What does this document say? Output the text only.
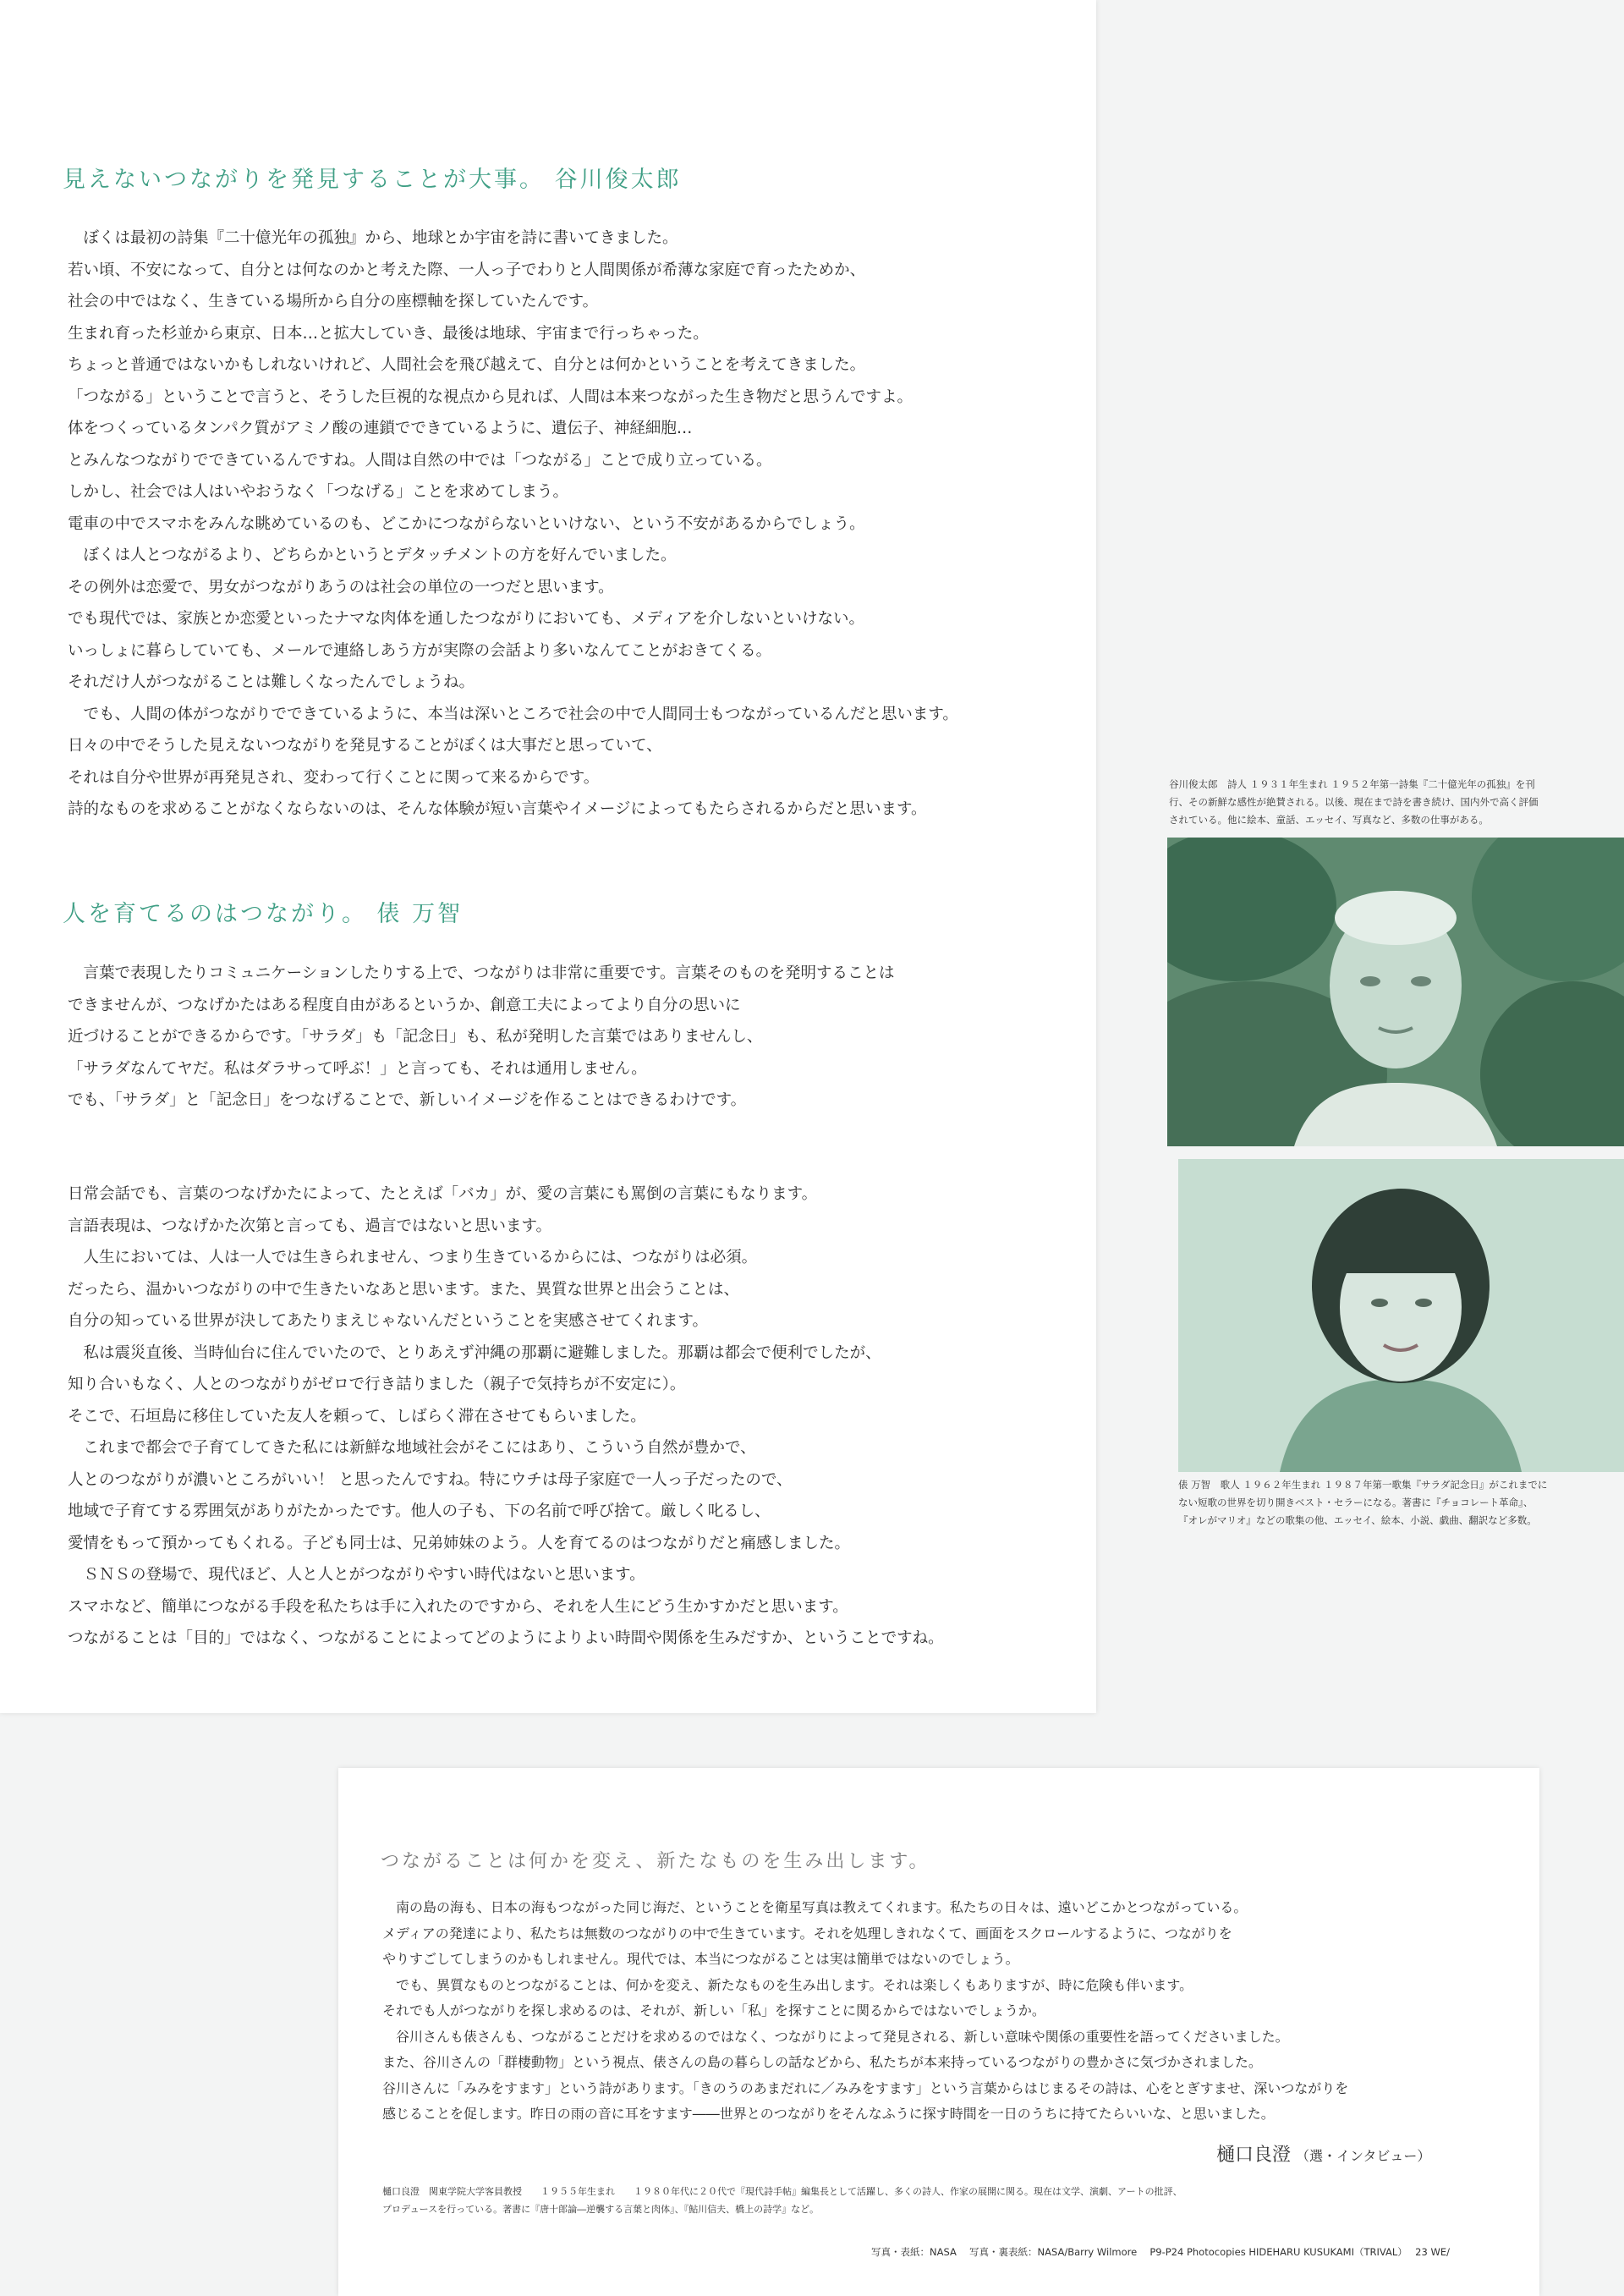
見えないつながりを発見することが大事。 谷川俊太郎
　ぼくは最初の詩集『二十億光年の孤独』から、地球とか宇宙を詩に書いてきました。
若い頃、不安になって、自分とは何なのかと考えた際、一人っ子でわりと人間関係が希薄な家庭で育ったためか、
社会の中ではなく、生きている場所から自分の座標軸を探していたんです。
生まれ育った杉並から東京、日本…と拡大していき、最後は地球、宇宙まで行っちゃった。
ちょっと普通ではないかもしれないけれど、人間社会を飛び越えて、自分とは何かということを考えてきました。
「つながる」ということで言うと、そうした巨視的な視点から見れば、人間は本来つながった生き物だと思うんですよ。
体をつくっているタンパク質がアミノ酸の連鎖でできているように、遺伝子、神経細胞…
とみんなつながりでできているんですね。人間は自然の中では「つながる」ことで成り立っている。
しかし、社会では人はいやおうなく「つなげる」ことを求めてしまう。
電車の中でスマホをみんな眺めているのも、どこかにつながらないといけない、という不安があるからでしょう。
　ぼくは人とつながるより、どちらかというとデタッチメントの方を好んでいました。
その例外は恋愛で、男女がつながりあうのは社会の単位の一つだと思います。
でも現代では、家族とか恋愛といったナマな肉体を通したつながりにおいても、メディアを介しないといけない。
いっしょに暮らしていても、メールで連絡しあう方が実際の会話より多いなんてことがおきてくる。
それだけ人がつながることは難しくなったんでしょうね。
　でも、人間の体がつながりでできているように、本当は深いところで社会の中で人間同士もつながっているんだと思います。
日々の中でそうした見えないつながりを発見することがぼくは大事だと思っていて、
それは自分や世界が再発見され、変わって行くことに関って来るからです。
詩的なものを求めることがなくならないのは、そんな体験が短い言葉やイメージによってもたらされるからだと思います。
人を育てるのはつながり。 俵 万智
　言葉で表現したりコミュニケーションしたりする上で、つながりは非常に重要です。言葉そのものを発明することは
できませんが、つなげかたはある程度自由があるというか、創意工夫によってより自分の思いに
近づけることができるからです。「サラダ」も「記念日」も、私が発明した言葉ではありませんし、
「サラダなんてヤだ。私はダラサって呼ぶ！」と言っても、それは通用しません。
でも、「サラダ」と「記念日」をつなげることで、新しいイメージを作ることはできるわけです。
日常会話でも、言葉のつなげかたによって、たとえば「バカ」が、愛の言葉にも罵倒の言葉にもなります。
言語表現は、つなげかた次第と言っても、過言ではないと思います。
　人生においては、人は一人では生きられません、つまり生きているからには、つながりは必須。
だったら、温かいつながりの中で生きたいなあと思います。また、異質な世界と出会うことは、
自分の知っている世界が決してあたりまえじゃないんだということを実感させてくれます。
　私は震災直後、当時仙台に住んでいたので、とりあえず沖縄の那覇に避難しました。那覇は都会で便利でしたが、
知り合いもなく、人とのつながりがゼロで行き詰りました（親子で気持ちが不安定に）。
そこで、石垣島に移住していた友人を頼って、しばらく滞在させてもらいました。
　これまで都会で子育てしてきた私には新鮮な地域社会がそこにはあり、こういう自然が豊かで、
人とのつながりが濃いところがいい！ と思ったんですね。特にウチは母子家庭で一人っ子だったので、
地域で子育てする雰囲気がありがたかったです。他人の子も、下の名前で呼び捨て。厳しく叱るし、
愛情をもって預かってもくれる。子ども同士は、兄弟姉妹のよう。人を育てるのはつながりだと痛感しました。
　ＳＮＳの登場で、現代ほど、人と人とがつながりやすい時代はないと思います。
スマホなど、簡単につながる手段を私たちは手に入れたのですから、それを人生にどう生かすかだと思います。
つながることは「目的」ではなく、つながることによってどのようによりよい時間や関係を生みだすか、ということですね。
谷川俊太郎　詩人 １９３１年生まれ １９５２年第一詩集『二十億光年の孤独』を刊
行、その新鮮な感性が絶賛される。以後、現在まで詩を書き続け、国内外で高く評価
されている。他に絵本、童話、エッセイ、写真など、多数の仕事がある。
俵 万智　歌人 １９６２年生まれ １９８７年第一歌集『サラダ記念日』がこれまでに
ない短歌の世界を切り開きベスト・セラーになる。著書に『チョコレート革命』、
『オレがマリオ』などの歌集の他、エッセイ、絵本、小説、戯曲、翻訳など多数。
つながることは何かを変え、新たなものを生み出します。
　南の島の海も、日本の海もつながった同じ海だ、ということを衛星写真は教えてくれます。私たちの日々は、遠いどこかとつながっている。
メディアの発達により、私たちは無数のつながりの中で生きています。それを処理しきれなくて、画面をスクロールするように、つながりを
やりすごしてしまうのかもしれません。現代では、本当につながることは実は簡単ではないのでしょう。
　でも、異質なものとつながることは、何かを変え、新たなものを生み出します。それは楽しくもありますが、時に危険も伴います。
それでも人がつながりを探し求めるのは、それが、新しい「私」を探すことに関るからではないでしょうか。
　谷川さんも俵さんも、つながることだけを求めるのではなく、つながりによって発見される、新しい意味や関係の重要性を語ってくださいました。
また、谷川さんの「群棲動物」という視点、俵さんの島の暮らしの話などから、私たちが本来持っているつながりの豊かさに気づかされました。
谷川さんに「みみをすます」という詩があります。「きのうのあまだれに／みみをすます」という言葉からはじまるその詩は、心をとぎすませ、深いつながりを
感じることを促します。昨日の雨の音に耳をすます――世界とのつながりをそんなふうに探す時間を一日のうちに持てたらいいな、と思いました。
樋口良澄 （選・インタビュー）
樋口良澄　関東学院大学客員教授　　１９５５年生まれ　　１９８０年代に２０代で『現代詩手帖』編集長として活躍し、多くの詩人、作家の展開に関る。現在は文学、演劇、アートの批評、
プロデュースを行っている。著書に『唐十郎論―逆襲する言葉と肉体』、『鮎川信夫、橋上の詩学』など。
写真・表紙：NASA　 写真・裏表紙：NASA/Barry Wilmore　 P9-P24 Photocopies HIDEHARU KUSUKAMI（TRIVAL）　 23 WE/
